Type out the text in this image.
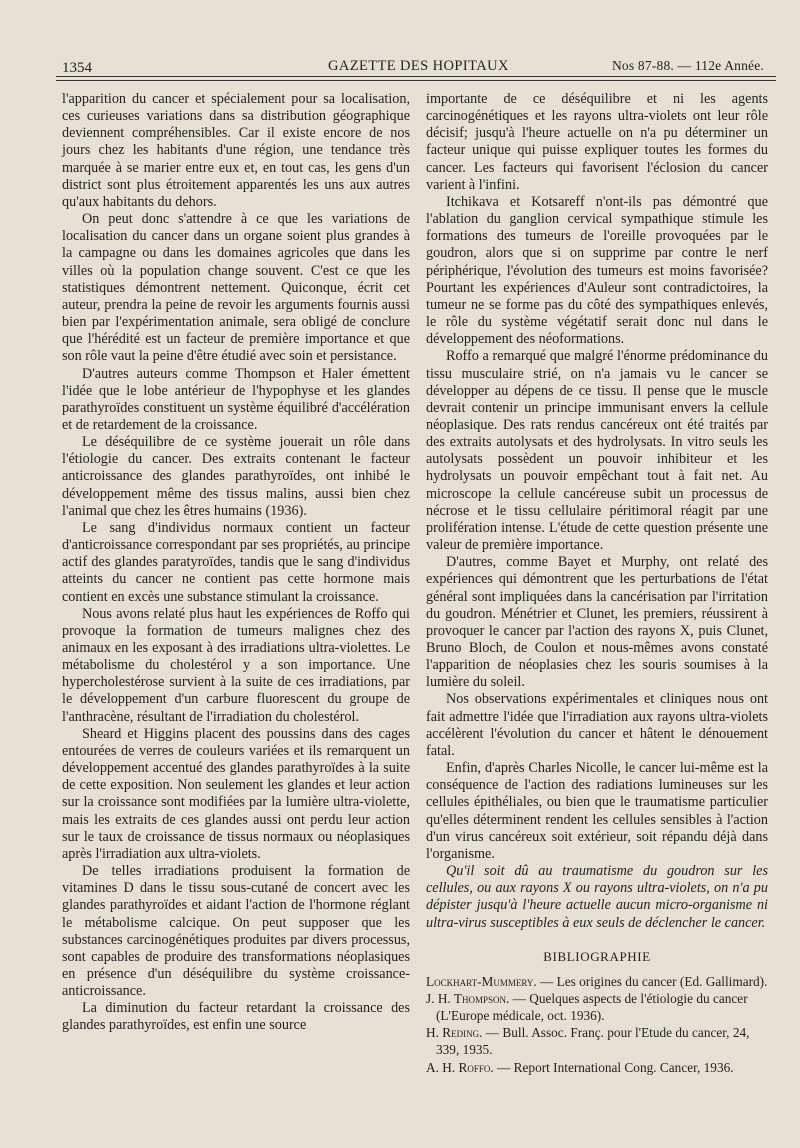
1354	GAZETTE DES HOPITAUX	Nos 87-88. — 112e Année.

l'apparition du cancer et spécialement pour sa localisation, ces curieuses variations dans sa distribution géographique deviennent compréhensibles. Car il existe encore de nos jours chez les habitants d'une région, une tendance très marquée à se marier entre eux et, en tout cas, les gens d'un district sont plus étroitement apparentés les uns aux autres qu'aux habitants du dehors.

On peut donc s'attendre à ce que les variations de localisation du cancer dans un organe soient plus grandes à la campagne ou dans les domaines agricoles que dans les villes où la population change souvent. C'est ce que les statistiques démontrent nettement. Quiconque, écrit cet auteur, prendra la peine de revoir les arguments fournis aussi bien par l'expérimentation animale, sera obligé de conclure que l'hérédité est un facteur de première importance et que son rôle vaut la peine d'être étudié avec soin et persistance.

D'autres auteurs comme Thompson et Haler émettent l'idée que le lobe antérieur de l'hypophyse et les glandes parathyroïdes constituent un système équilibré d'accélération et de retardement de la croissance.

Le déséquilibre de ce système jouerait un rôle dans l'étiologie du cancer. Des extraits contenant le facteur anticroissance des glandes parathyroïdes, ont inhibé le développement même des tissus malins, aussi bien chez l'animal que chez les êtres humains (1936).

Le sang d'individus normaux contient un facteur d'anticroissance correspondant par ses propriétés, au principe actif des glandes paratyroïdes, tandis que le sang d'individus atteints du cancer ne contient pas cette hormone mais contient en excès une substance stimulant la croissance.

Nous avons relaté plus haut les expériences de Roffo qui provoque la formation de tumeurs malignes chez des animaux en les exposant à des irradiations ultra-violettes. Le métabolisme du cholestérol y a son importance. Une hypercholestérose survient à la suite de ces irradiations, par le développement d'un carbure fluorescent du groupe de l'anthracène, résultant de l'irradiation du cholestérol.

Sheard et Higgins placent des poussins dans des cages entourées de verres de couleurs variées et ils remarquent un développement accentué des glandes parathyroïdes à la suite de cette exposition. Non seulement les glandes et leur action sur la croissance sont modifiées par la lumière ultra-violette, mais les extraits de ces glandes aussi ont perdu leur action sur le taux de croissance de tissus normaux ou néoplasiques après l'irradiation aux ultra-violets.

De telles irradiations produisent la formation de vitamines D dans le tissu sous-cutané de concert avec les glandes parathyroïdes et aidant l'action de l'hormone réglant le métabolisme calcique. On peut supposer que les substances carcinogénétiques produites par divers processus, sont capables de produire des transformations néoplasiques en présence d'un déséquilibre du système croissance-anticroissance.

La diminution du facteur retardant la croissance des glandes parathyroïdes, est enfin une source

importante de ce déséquilibre et ni les agents carcinogénétiques et les rayons ultra-violets ont leur rôle décisif; jusqu'à l'heure actuelle on n'a pu déterminer un facteur unique qui puisse expliquer toutes les formes du cancer. Les facteurs qui favorisent l'éclosion du cancer varient à l'infini.

Itchikava et Kotsareff n'ont-ils pas démontré que l'ablation du ganglion cervical sympathique stimule les formations des tumeurs de l'oreille provoquées par le goudron, alors que si on supprime par contre le nerf périphérique, l'évolution des tumeurs est moins favorisée? Pourtant les expériences d'Auleur sont contradictoires, la tumeur ne se forme pas du côté des sympathiques enlevés, le rôle du système végétatif serait donc nul dans le développement des néoformations.

Roffo a remarqué que malgré l'énorme prédominance du tissu musculaire strié, on n'a jamais vu le cancer se développer au dépens de ce tissu. Il pense que le muscle devrait contenir un principe immunisant envers la cellule néoplasique. Des rats rendus cancéreux ont été traités par des extraits autolysats et des hydrolysats. In vitro seuls les autolysats possèdent un pouvoir inhibiteur et les hydrolysats un pouvoir empêchant tout à fait net. Au microscope la cellule cancéreuse subit un processus de nécrose et le tissu cellulaire péritimoral réagit par une prolifération intense. L'étude de cette question présente une valeur de première importance.

D'autres, comme Bayet et Murphy, ont relaté des expériences qui démontrent que les perturbations de l'état général sont impliquées dans la cancérisation par l'irritation du goudron. Ménétrier et Clunet, les premiers, réussirent à provoquer le cancer par l'action des rayons X, puis Clunet, Bruno Bloch, de Coulon et nous-mêmes avons constaté l'apparition de néoplasies chez les souris soumises à la lumière du soleil.

Nos observations expérimentales et cliniques nous ont fait admettre l'idée que l'irradiation aux rayons ultra-violets accélèrent l'évolution du cancer et hâtent le dénouement fatal.

Enfin, d'après Charles Nicolle, le cancer lui-même est la conséquence de l'action des radiations lumineuses sur les cellules épithéliales, ou bien que le traumatisme particulier qu'elles déterminent rendent les cellules sensibles à l'action d'un virus cancéreux soit extérieur, soit répandu déjà dans l'organisme.

Qu'il soit dû au traumatisme du goudron sur les cellules, ou aux rayons X ou rayons ultra-violets, on n'a pu dépister jusqu'à l'heure actuelle aucun micro-organisme ni ultra-virus susceptibles à eux seuls de déclencher le cancer.

BIBLIOGRAPHIE

Lockhart-Mummery. — Les origines du cancer (Ed. Gallimard).

J. H. Thompson. — Quelques aspects de l'étiologie du cancer (L'Europe médicale, oct. 1936).

H. Reding. — Bull. Assoc. Franç. pour l'Etude du cancer, 24, 339, 1935.

A. H. Roffo. — Report International Cong. Cancer, 1936.
